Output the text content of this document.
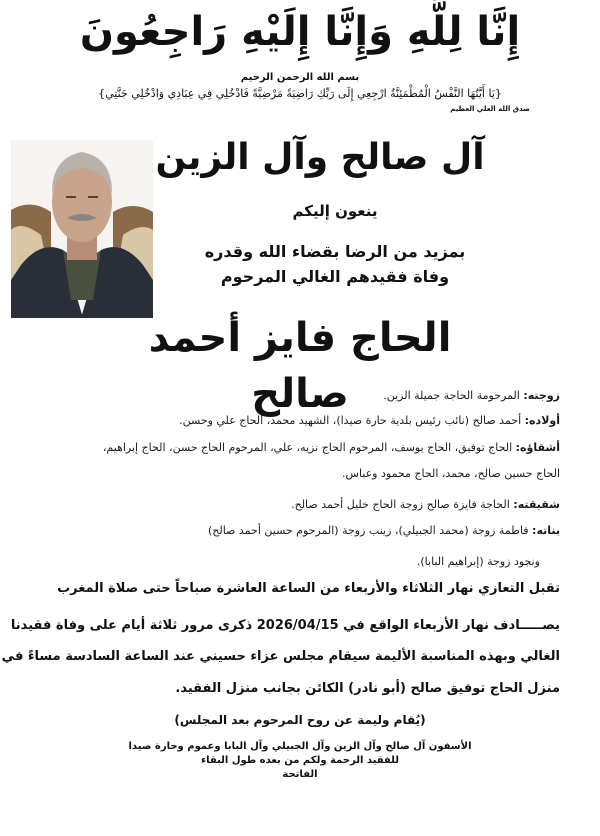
إِنَّا لِلَّهِ وَإِنَّا إِلَيْهِ رَاجِعُونَ
بسم الله الرحمن الرحيم
{يَا أَيَّتُهَا النَّفْسُ الْمُطْمَئِنَّةُ ارْجِعِي إِلَى رَبِّكِ رَاضِيَةً مَرْضِيَّةً فَادْخُلِي فِي عِبَادِي وَادْخُلِي جَنَّتِي}
صدق الله العلي العظيم
آل صالح وآل الزين
ينعون إليكم
بمزيد من الرضا بقضاء الله وقدره
وفاة فقيدهم الغالي المرحوم
الحاج فايز أحمد صالح	زوجته: المرحومة الحاجة جميلة الزين.
أولاده: أحمد صالح (نائب رئيس بلدية حارة صيدا)، الشهيد محمد، الحاج علي وحسن.
أشقاؤه: الحاج توفيق، الحاج يوسف، المرحوم الحاج نزيه، علي، المرحوم الحاج حسن، الحاج إبراهيم،
الحاج حسين صالح، محمد، الحاج محمود وعباس.
شقيقته: الحاجة فايزة صالح زوجة الحاج خليل أحمد صالح.
بناته: فاطمة زوجة (محمد الجبيلي)، زينب زوجة (المرحوم حسين أحمد صالح)
ونجود زوجة (إبراهيم البابا).
تقبل التعازي نهار الثلاثاء والأربعاء من الساعة العاشرة صباحاً حتى صلاة المغرب
يصـــــادف نهار الأربعاء الواقع في 2026/04/15 ذكرى مرور ثلاثة أيام على وفاة فقيدنا
الغالي وبهذه المناسبة الأليمة سيقام مجلس عزاء حسيني عند الساعة السادسة مساءً في
منزل الحاج توفيق صالح (أبو نادر) الكائن بجانب منزل الفقيد.
(يُقام وليمة عن روح المرحوم بعد المجلس)
الأسفون آل صالح وآل الزين وآل الجبيلي وآل البابا وعموم وحارة صيدا
للفقيد الرحمة ولكم من بعده طول البقاء
الفاتحة
